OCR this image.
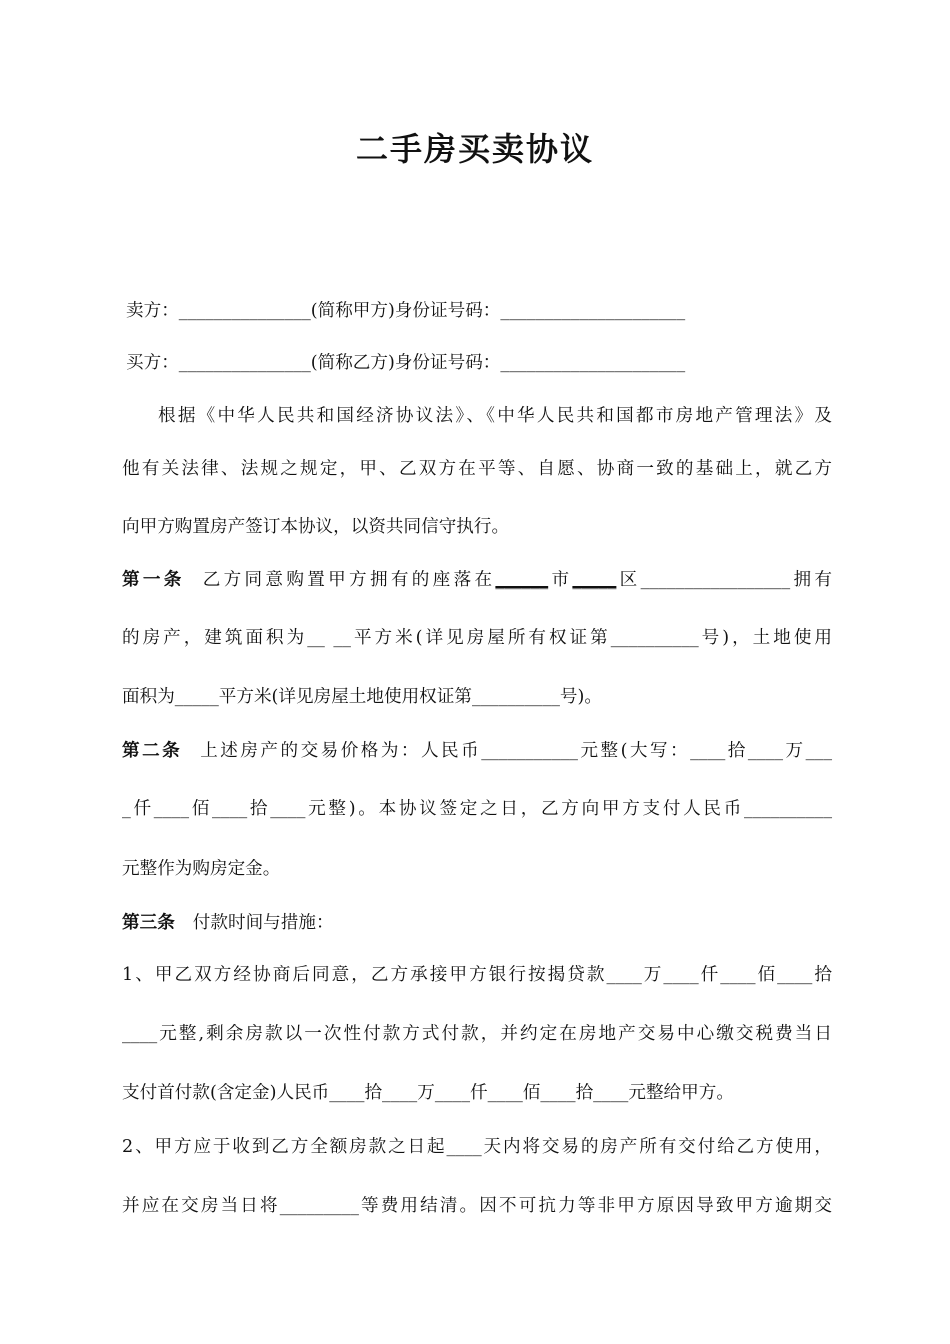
二手房买卖协议
卖方：_______________(简称甲方)身份证号码：_____________________
买方：_______________(简称乙方)身份证号码：_____________________
根据《中华人民共和国经济协议法》、《中华人民共和国都市房地产管理法》及
他有关法律、法规之规定，甲、乙双方在平等、自愿、协商一致的基础上，就乙方
向甲方购置房产签订本协议，以资共同信守执行。
第一条 乙方同意购置甲方拥有的座落在______市_____区_________________拥有
的房产，建筑面积为__ __平方米(详见房屋所有权证第__________号)，土地使用
面积为_____平方米(详见房屋土地使用权证第__________号)。
第二条 上述房产的交易价格为：人民币___________元整(大写：____拾____万___
_仟____佰____拾____元整)。本协议签定之日，乙方向甲方支付人民币__________
元整作为购房定金。
第三条 付款时间与措施：
1、甲乙双方经协商后同意，乙方承接甲方银行按揭贷款____万____仟____佰____拾
____元整,剩余房款以一次性付款方式付款，并约定在房地产交易中心缴交税费当日
支付首付款(含定金)人民币____拾____万____仟____佰____拾____元整给甲方。
2、甲方应于收到乙方全额房款之日起____天内将交易的房产所有交付给乙方使用，
并应在交房当日将_________等费用结清。因不可抗力等非甲方原因导致甲方逾期交
